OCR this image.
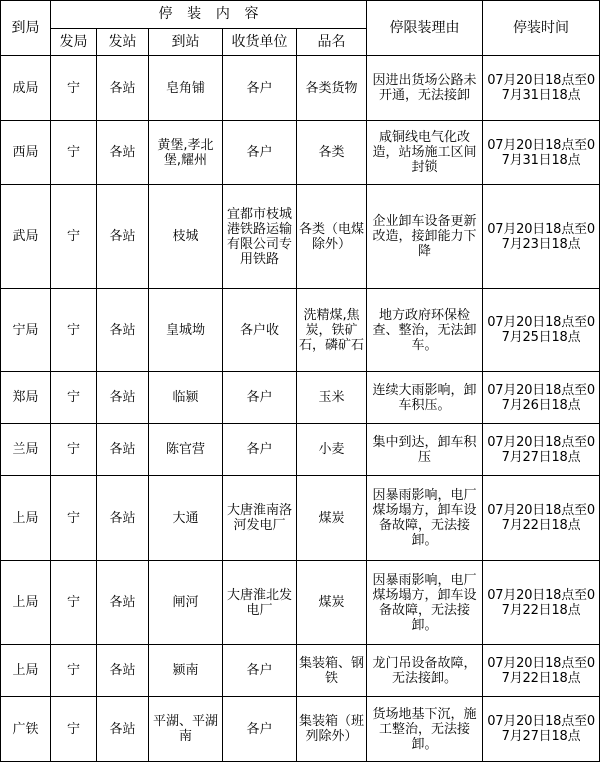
到局	停装内容					停限装理由	停装时间
	发局	发站	到站	收货单位	品名		
成局	宁	各站	皂角铺	各户	各类货物	因进出货场公路未开通，无法接卸	07月20日18点至07月31日18点
西局	宁	各站	黄堡,孝北堡,耀州	各户	各类	咸铜线电气化改造，站场施工区间封锁	07月20日18点至07月31日18点
武局	宁	各站	枝城	宜都市枝城港铁路运输有限公司专用铁路	各类（电煤除外）	企业卸车设备更新改造，接卸能力下降	07月20日18点至07月23日18点
宁局	宁	各站	皇城坳	各户收	洗精煤,焦炭，铁矿石，磷矿石	地方政府环保检查、整治，无法卸车。	07月20日18点至07月25日18点
郑局	宁	各站	临颍	各户	玉米	连续大雨影响，卸车积压。	07月20日18点至07月26日18点
兰局	宁	各站	陈官营	各户	小麦	集中到达，卸车积压	07月20日18点至07月27日18点
上局	宁	各站	大通	大唐淮南洛河发电厂	煤炭	因暴雨影响，电厂煤场塌方，卸车设备故障，无法接卸。	07月20日18点至07月22日18点
上局	宁	各站	闸河	大唐淮北发电厂	煤炭	因暴雨影响，电厂煤场塌方，卸车设备故障，无法接卸。	07月20日18点至07月22日18点
上局	宁	各站	颍南	各户	集装箱、钢铁	龙门吊设备故障，无法接卸。	07月20日18点至07月22日18点
广铁	宁	各站	平湖、平湖南	各户	集装箱（班列除外）	货场地基下沉，施工整治，无法接卸。	07月20日18点至07月27日18点
